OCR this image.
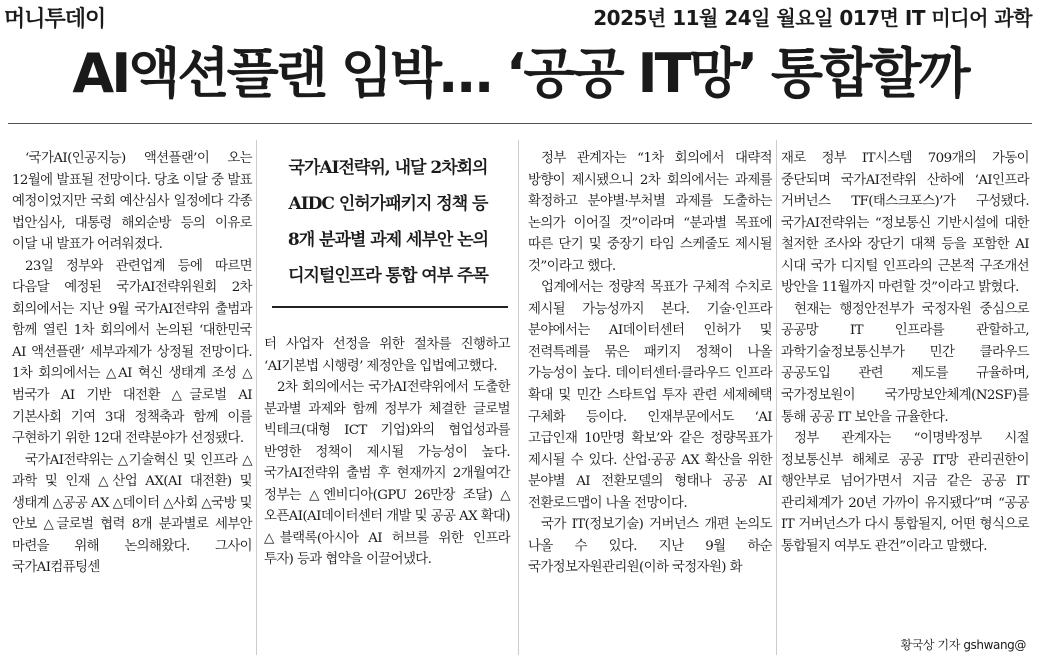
머니투데이	2025년 11월 24일 월요일 017면 IT 미디어 과학
AI액션플랜 임박… ‘공공 IT망’ 통합할까

‘국가AI(인공지능) 액션플랜’이 오는 12월에 발표될 전망이다. 당초 이달 중 발표 예정이었지만 국회 예산심사 일정에다 각종 법안심사, 대통령 해외순방 등의 이유로 이달 내 발표가 어려워졌다.

23일 정부와 관련업계 등에 따르면 다음달 예정된 국가AI전략위원회 2차 회의에서는 지난 9월 국가AI전략위 출범과 함께 열린 1차 회의에서 논의된 ‘대한민국 AI 액션플랜’ 세부과제가 상정될 전망이다. 1차 회의에서는 △AI 혁신 생태계 조성 △범국가 AI 기반 대전환 △글로벌 AI 기본사회 기여 3대 정책축과 함께 이를 구현하기 위한 12대 전략분야가 선정됐다.

국가AI전략위는 △기술혁신 및 인프라 △과학 및 인재 △산업 AX(AI 대전환) 및 생태계 △공공 AX △데이터 △사회 △국방 및 안보 △글로벌 협력 8개 분과별로 세부안 마련을 위해 논의해왔다. 그사이 국가AI컴퓨팅센

국가AI전략위, 내달 2차회의
AIDC 인허가패키지 정책 등
8개 분과별 과제 세부안 논의
디지털인프라 통합 여부 주목

터 사업자 선정을 위한 절차를 진행하고 ‘AI기본법 시행령’ 제정안을 입법예고했다.

2차 회의에서는 국가AI전략위에서 도출한 분과별 과제와 함께 정부가 체결한 글로벌 빅테크(대형 ICT 기업)와의 협업성과를 반영한 정책이 제시될 가능성이 높다. 국가AI전략위 출범 후 현재까지 2개월여간 정부는 △엔비디아(GPU 26만장 조달) △오픈AI(AI데이터센터 개발 및 공공 AX 확대) △블랙록(아시아 AI 허브를 위한 인프라 투자) 등과 협약을 이끌어냈다.

정부 관계자는 “1차 회의에서 대략적 방향이 제시됐으니 2차 회의에서는 과제를 확정하고 분야별·부처별 과제를 도출하는 논의가 이어질 것”이라며 “분과별 목표에 따른 단기 및 중장기 타임 스케줄도 제시될 것”이라고 했다.

업계에서는 정량적 목표가 구체적 수치로 제시될 가능성까지 본다. 기술·인프라 분야에서는 AI데이터센터 인허가 및 전력특례를 묶은 패키지 정책이 나올 가능성이 높다. 데이터센터·클라우드 인프라 확대 및 민간 스타트업 투자 관련 세제혜택 구체화 등이다. 인재부문에서도 ‘AI 고급인재 10만명 확보’와 같은 정량목표가 제시될 수 있다. 산업·공공 AX 확산을 위한 분야별 AI 전환모델의 형태나 공공 AI 전환로드맵이 나올 전망이다.

국가 IT(정보기술) 거버넌스 개편 논의도 나올 수 있다. 지난 9월 하순 국가정보자원관리원(이하 국정자원) 화

재로 정부 IT시스템 709개의 가동이 중단되며 국가AI전략위 산하에 ‘AI인프라 거버넌스 TF(태스크포스)’가 구성됐다. 국가AI전략위는 “정보통신 기반시설에 대한 철저한 조사와 장단기 대책 등을 포함한 AI 시대 국가 디지털 인프라의 근본적 구조개선 방안을 11월까지 마련할 것”이라고 밝혔다.

현재는 행정안전부가 국정자원 중심으로 공공망 IT 인프라를 관할하고, 과학기술정보통신부가 민간 클라우드 공공도입 관련 제도를 규율하며, 국가정보원이 국가망보안체계(N2SF)를 통해 공공 IT 보안을 규율한다.

정부 관계자는 “이명박정부 시절 정보통신부 해체로 공공 IT망 관리권한이 행안부로 넘어가면서 지금 같은 공공 IT 관리체계가 20년 가까이 유지됐다”며 “공공 IT 거버넌스가 다시 통합될지, 어떤 형식으로 통합될지 여부도 관건”이라고 말했다.

황국상 기자 gshwang@
